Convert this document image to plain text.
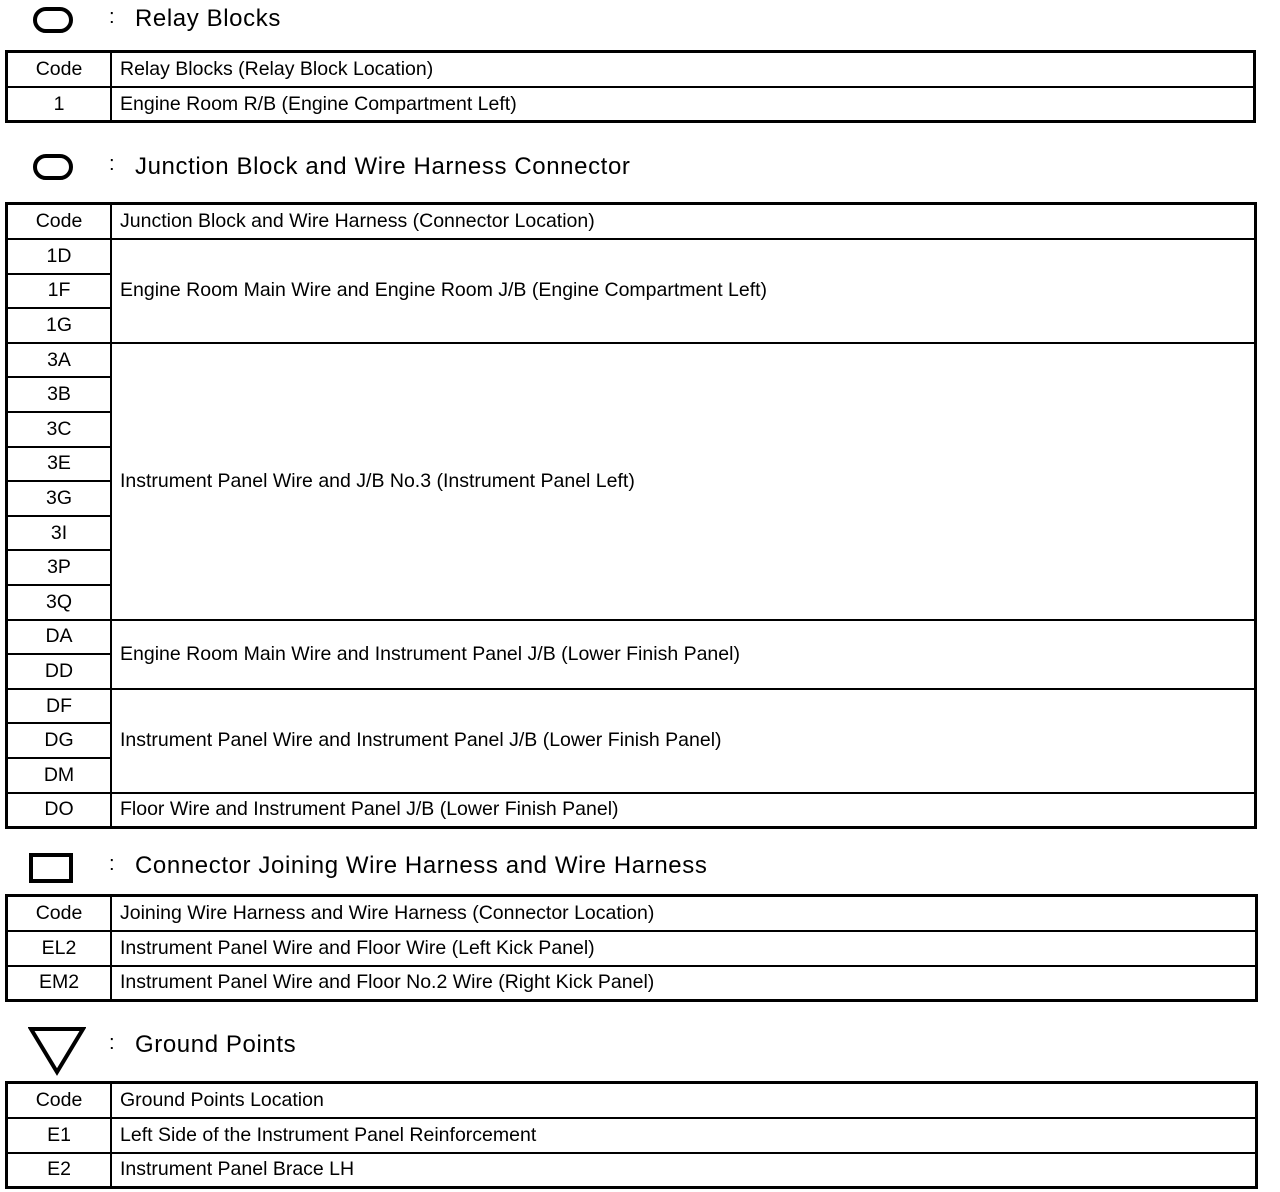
: Relay Blocks
Code	Relay Blocks (Relay Block Location)
1	Engine Room R/B (Engine Compartment Left)
: Junction Block and Wire Harness Connector
Code	Junction Block and Wire Harness (Connector Location)
1D	Engine Room Main Wire and Engine Room J/B (Engine Compartment Left)
1F	
1G	
3A	Instrument Panel Wire and J/B No.3 (Instrument Panel Left)
3B	
3C	
3E	
3G	
3I	
3P	
3Q	
DA	Engine Room Main Wire and Instrument Panel J/B (Lower Finish Panel)
DD	
DF	Instrument Panel Wire and Instrument Panel J/B (Lower Finish Panel)
DG	
DM	
DO	Floor Wire and Instrument Panel J/B (Lower Finish Panel)
: Connector Joining Wire Harness and Wire Harness
Code	Joining Wire Harness and Wire Harness (Connector Location)
EL2	Instrument Panel Wire and Floor Wire (Left Kick Panel)
EM2	Instrument Panel Wire and Floor No.2 Wire (Right Kick Panel)
: Ground Points
Code	Ground Points Location
E1	Left Side of the Instrument Panel Reinforcement
E2	Instrument Panel Brace LH
